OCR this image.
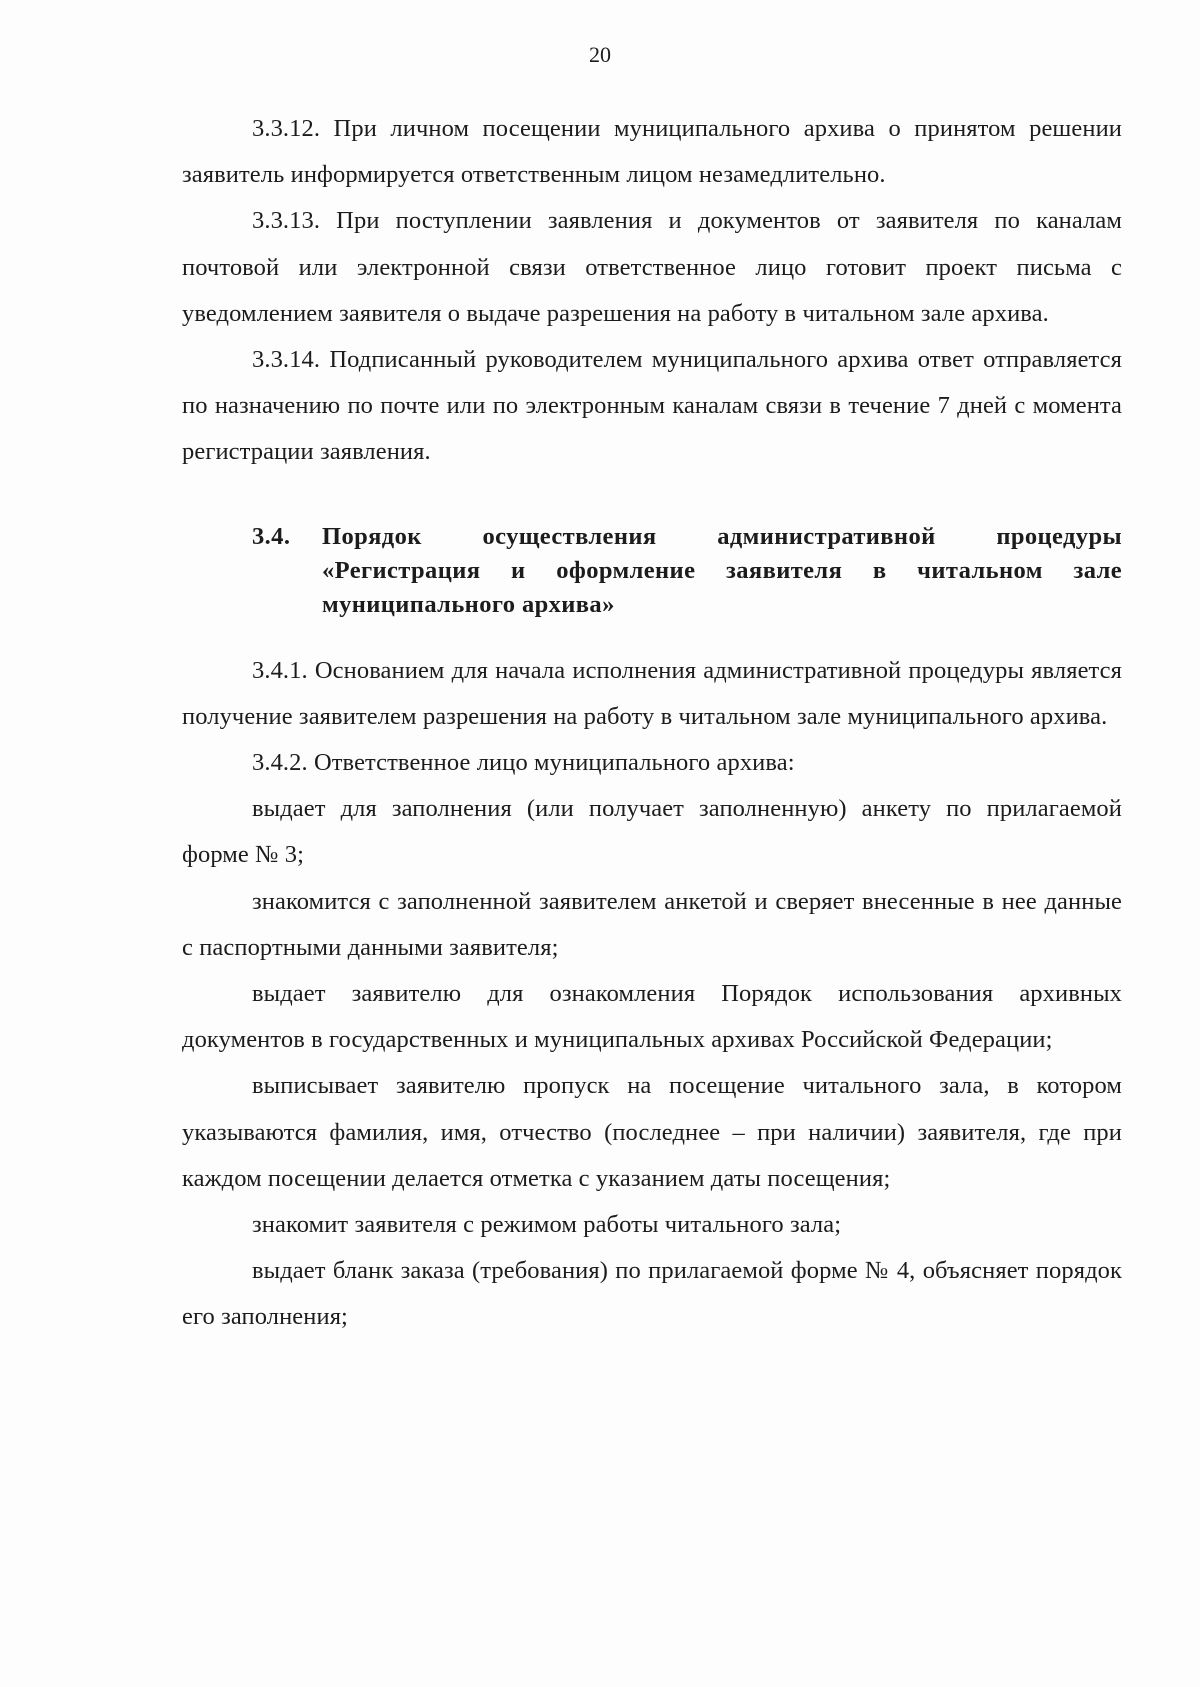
20

3.3.12. При личном посещении муниципального архива о принятом решении заявитель информируется ответственным лицом незамедлительно.

3.3.13. При поступлении заявления и документов от заявителя по каналам почтовой или электронной связи ответственное лицо готовит проект письма с уведомлением заявителя о выдаче разрешения на работу в читальном зале архива.

3.3.14. Подписанный руководителем муниципального архива ответ отправляется по назначению по почте или по электронным каналам связи в течение 7 дней с момента регистрации заявления.

3.4.	Порядок осуществления административной процедуры «Регистрация и оформление заявителя в читальном зале муниципального архива»

3.4.1. Основанием для начала исполнения административной процедуры является получение заявителем разрешения на работу в читальном зале муниципального архива.

3.4.2. Ответственное лицо муниципального архива:

выдает для заполнения (или получает заполненную) анкету по прилагаемой форме № 3;

знакомится с заполненной заявителем анкетой и сверяет внесенные в нее данные с паспортными данными заявителя;

выдает заявителю для ознакомления Порядок использования архивных документов в государственных и муниципальных архивах Российской Федерации;

выписывает заявителю пропуск на посещение читального зала, в котором указываются фамилия, имя, отчество (последнее – при наличии) заявителя, где при каждом посещении делается отметка с указанием даты посещения;

знакомит заявителя с режимом работы читального зала;

выдает бланк заказа (требования) по прилагаемой форме № 4, объясняет порядок его заполнения;
